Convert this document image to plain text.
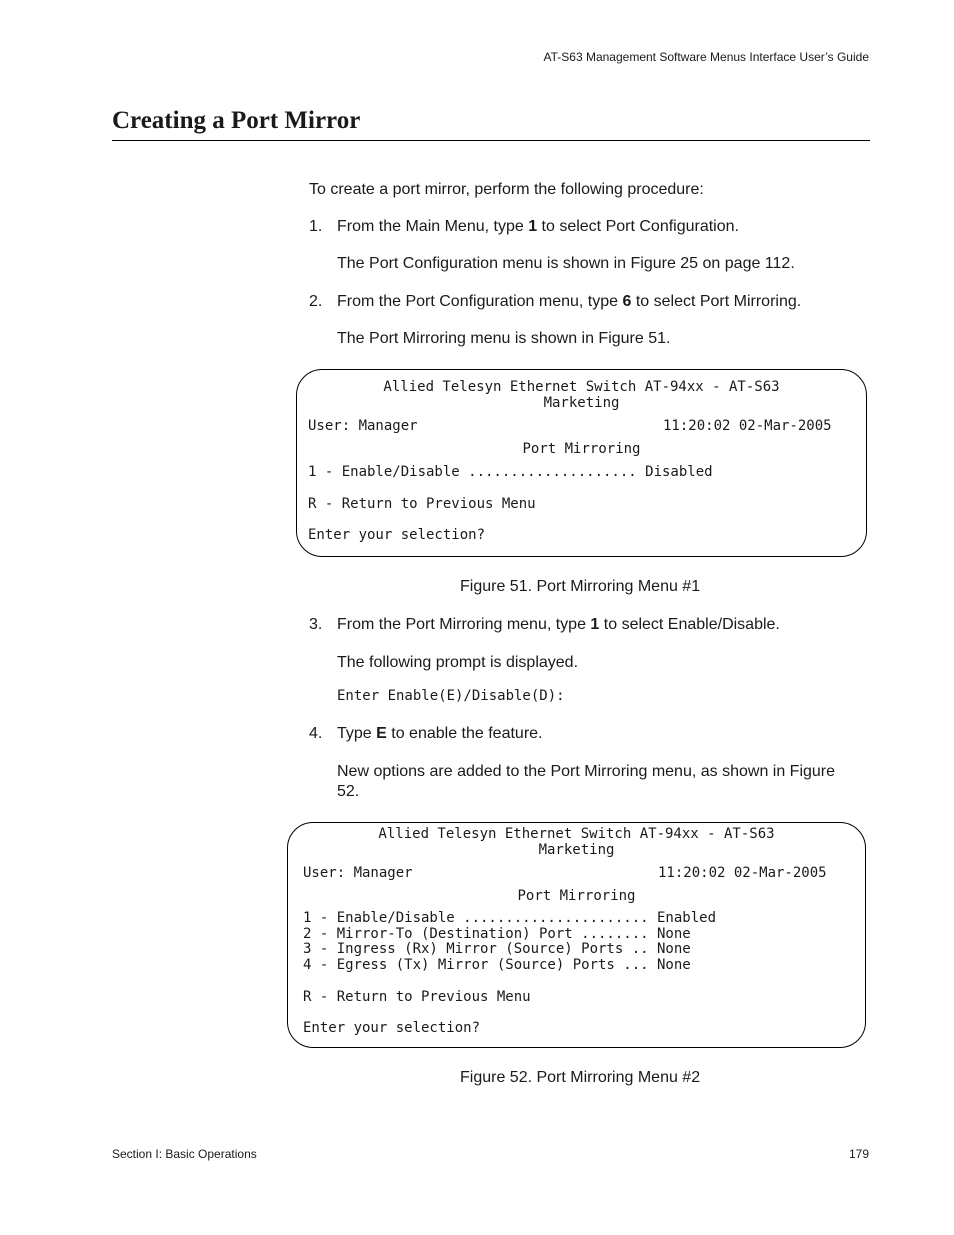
AT-S63 Management Software Menus Interface User’s Guide
Creating a Port Mirror
To create a port mirror, perform the following procedure:
1. From the Main Menu, type 1 to select Port Configuration.
The Port Configuration menu is shown in Figure 25 on page 112.
2. From the Port Configuration menu, type 6 to select Port Mirroring.
The Port Mirroring menu is shown in Figure 51.
Allied Telesyn Ethernet Switch AT-94xx - AT-S63
Marketing
User: Manager	11:20:02 02-Mar-2005
Port Mirroring
1 - Enable/Disable .................... Disabled
R - Return to Previous Menu
Enter your selection?
Figure 51. Port Mirroring Menu #1
3. From the Port Mirroring menu, type 1 to select Enable/Disable.
The following prompt is displayed.
Enter Enable(E)/Disable(D):
4. Type E to enable the feature.
New options are added to the Port Mirroring menu, as shown in Figure
52.
Allied Telesyn Ethernet Switch AT-94xx - AT-S63
Marketing
User: Manager	11:20:02 02-Mar-2005
Port Mirroring
1 - Enable/Disable ...................... Enabled
2 - Mirror-To (Destination) Port ........ None
3 - Ingress (Rx) Mirror (Source) Ports .. None
4 - Egress (Tx) Mirror (Source) Ports ... None
R - Return to Previous Menu
Enter your selection?
Figure 52. Port Mirroring Menu #2
Section I: Basic Operations	179
